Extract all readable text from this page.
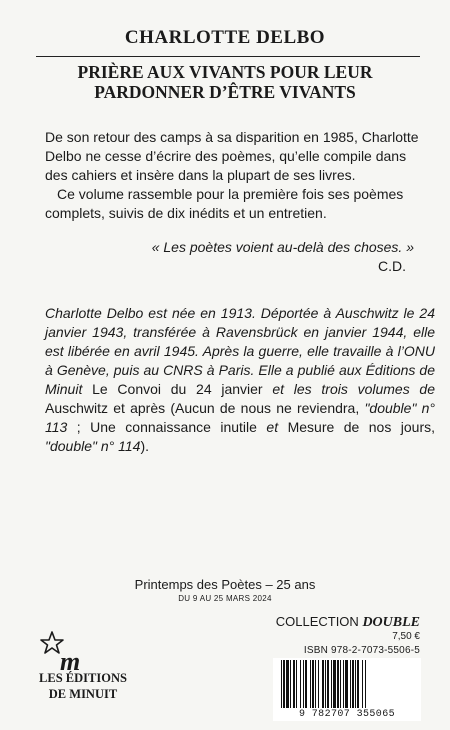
CHARLOTTE DELBO
PRIÈRE AUX VIVANTS POUR LEUR
PARDONNER D’ÊTRE VIVANTS

De son retour des camps à sa disparition en 1985, Charlotte Delbo ne cesse d’écrire des poèmes, qu’elle compile dans des cahiers et insère dans la plupart de ses livres.

Ce volume rassemble pour la première fois ses poèmes complets, suivis de dix inédits et un entretien.

« Les poètes voient au-delà des choses. »
C.D.
Charlotte Delbo est née en 1913. Déportée à Auschwitz le 24 janvier 1943, transférée à Ravensbrück en janvier 1944, elle est libérée en avril 1945. Après la guerre, elle travaille à l’ONU à Genève, puis au CNRS à Paris. Elle a publié aux Éditions de Minuit Le Convoi du 24 janvier et les trois volumes de Auschwitz et après (Aucun de nous ne reviendra, "double" n° 113 ; Une connaissance inutile et Mesure de nos jours, "double" n° 114).
Printemps des Poètes – 25 ans
DU 9 AU 25 MARS 2024
COLLECTION DOUBLE
7,50 €
ISBN 978-2-7073-5506-5
9 782707 355065
m
LES ÉDITIONS
DE MINUIT
